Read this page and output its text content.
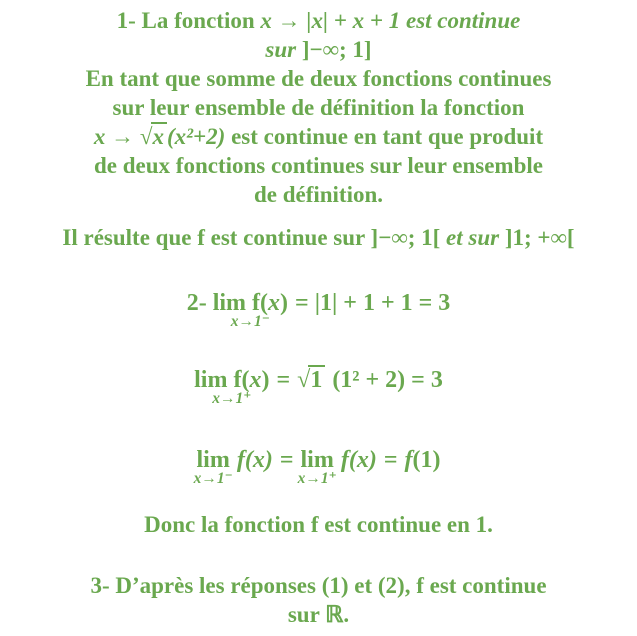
1- La fonction x → |x| + x + 1 est continue
sur ]−∞; 1]
En tant que somme de deux fonctions continues
sur leur ensemble de définition la fonction
x → √x (x²+2) est continue en tant que produit
de deux fonctions continues sur leur ensemble
de définition.
Il résulte que f est continue sur ]−∞; 1[ et sur ]1; +∞[
2- lim f(x)
x→1⁻
= |1| + 1 + 1 = 3
lim f(x)
x→1⁺
= √1 (1² + 2) = 3
lim
x→1⁻
f(x) = lim
x→1⁺
f(x) = f(1)
Donc la fonction f est continue en 1.
3- D’après les réponses (1) et (2), f est continue
sur ℝ.
